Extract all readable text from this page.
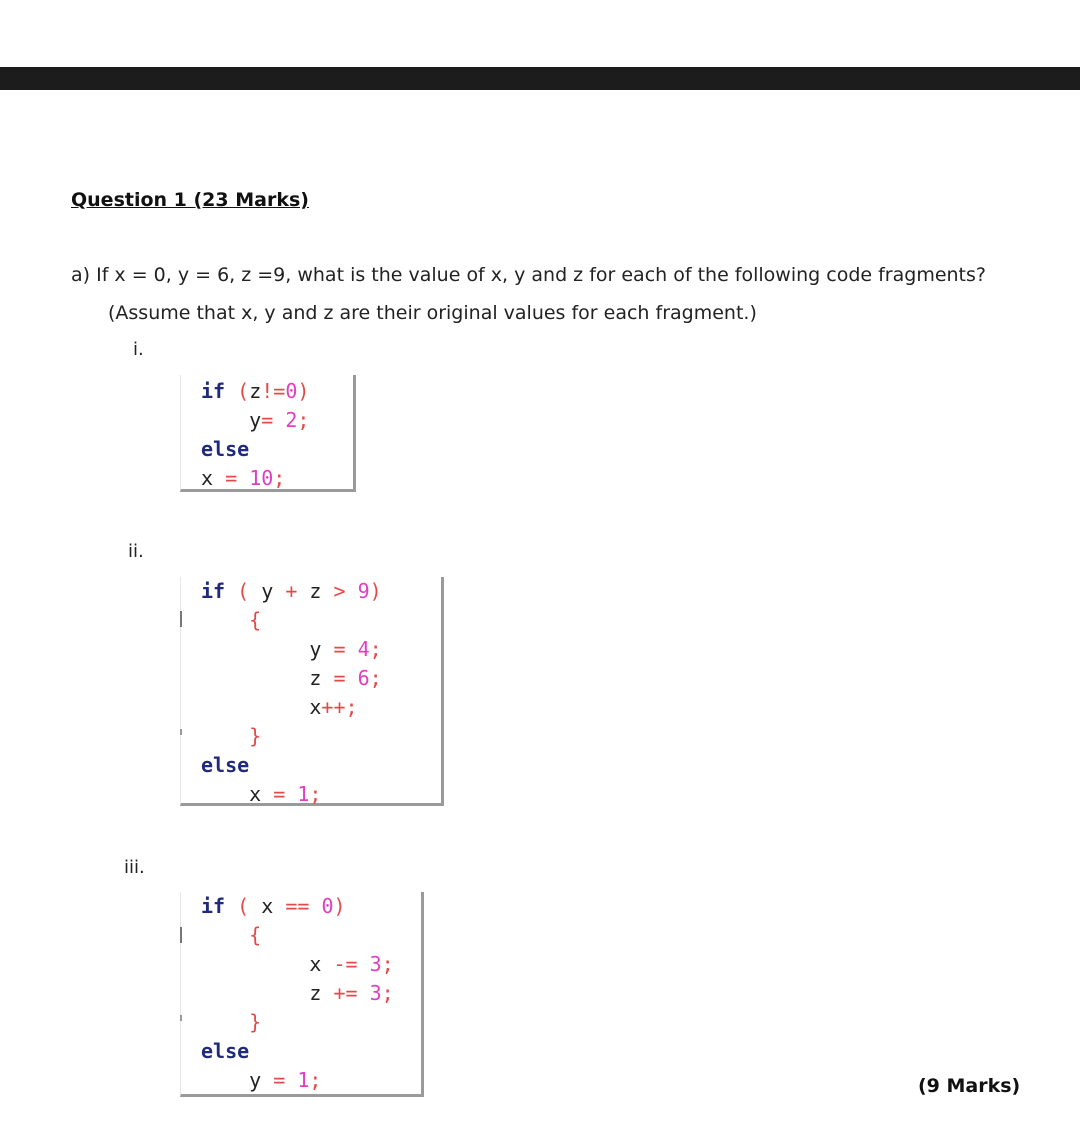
Question 1 (23 Marks)
a) If x = 0, y = 6, z =9, what is the value of x, y and z for each of the following code fragments?
(Assume that x, y and z are their original values for each fragment.)
i.
if (z!=0)
y= 2;
else
x = 10;
ii.
if ( y + z > 9)
{
y = 4;
z = 6;
x++;
}
else
x = 1;
iii.
if ( x == 0)
{
x -= 3;
z += 3;
}
else
y = 1;	(9 Marks)
